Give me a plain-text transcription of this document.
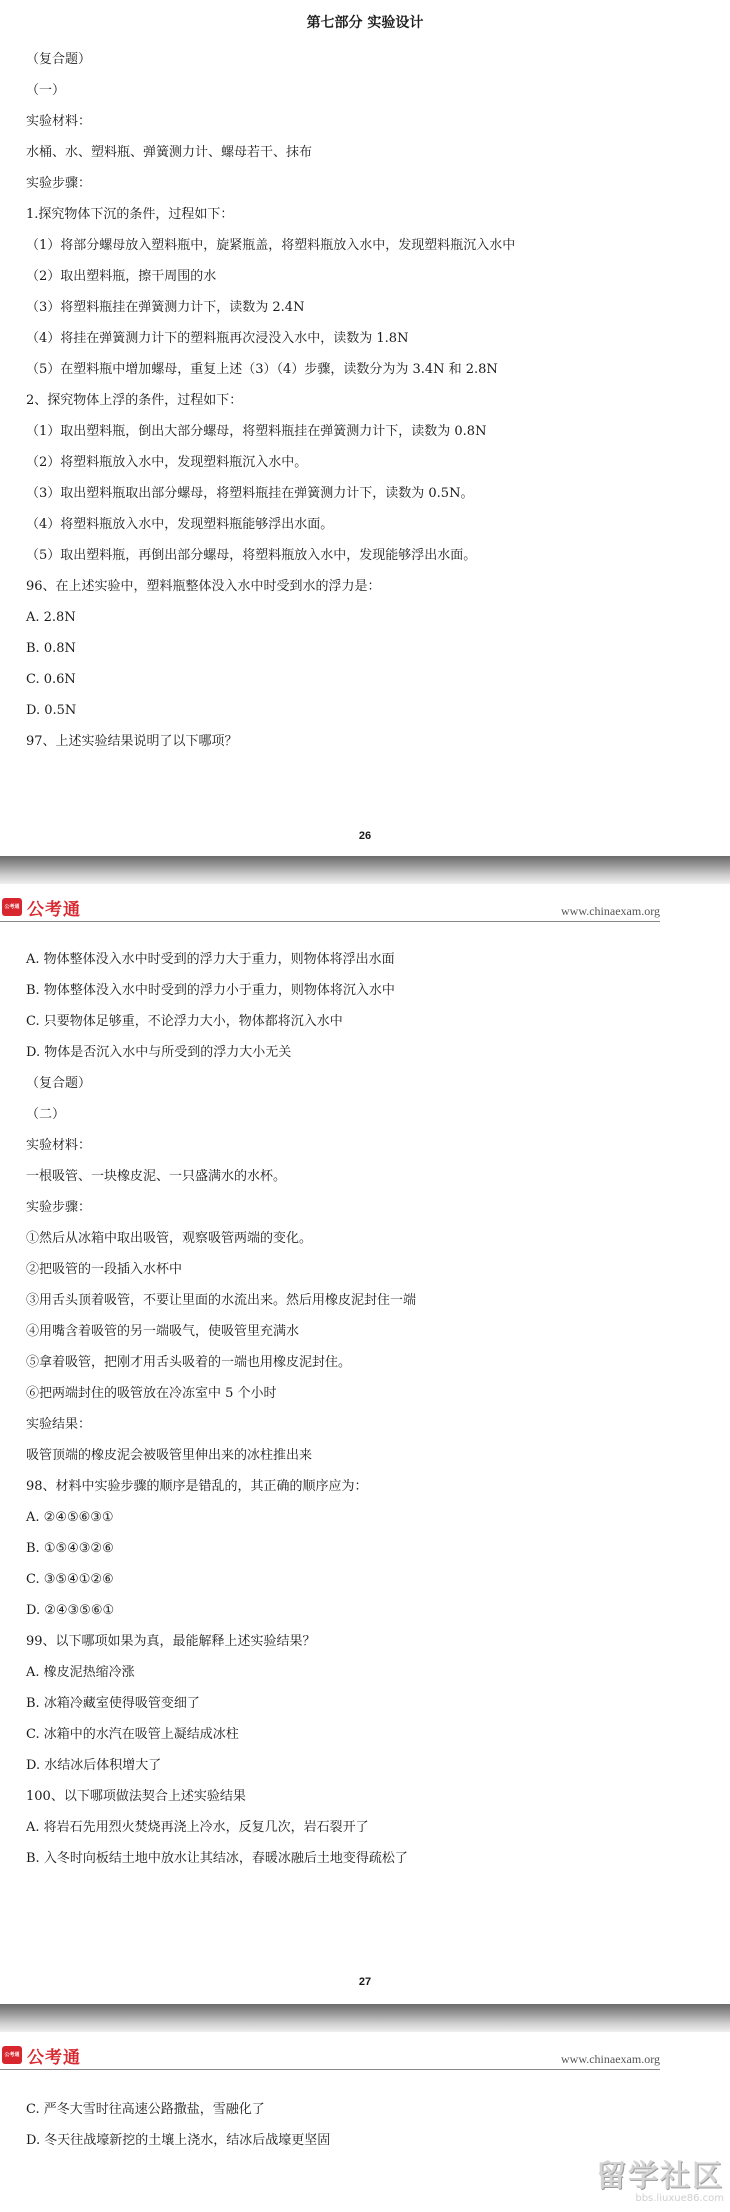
第七部分 实验设计
（复合题）
（一）
实验材料：
水桶、水、塑料瓶、弹簧测力计、螺母若干、抹布
实验步骤：
1.探究物体下沉的条件，过程如下：
（1）将部分螺母放入塑料瓶中，旋紧瓶盖，将塑料瓶放入水中，发现塑料瓶沉入水中
（2）取出塑料瓶，擦干周围的水
（3）将塑料瓶挂在弹簧测力计下，读数为 2.4N
（4）将挂在弹簧测力计下的塑料瓶再次浸没入水中，读数为 1.8N
（5）在塑料瓶中增加螺母，重复上述（3）（4）步骤，读数分为为 3.4N 和 2.8N
2、探究物体上浮的条件，过程如下：
（1）取出塑料瓶，倒出大部分螺母，将塑料瓶挂在弹簧测力计下，读数为 0.8N
（2）将塑料瓶放入水中，发现塑料瓶沉入水中。
（3）取出塑料瓶取出部分螺母，将塑料瓶挂在弹簧测力计下，读数为 0.5N。
（4）将塑料瓶放入水中，发现塑料瓶能够浮出水面。
（5）取出塑料瓶，再倒出部分螺母，将塑料瓶放入水中，发现能够浮出水面。
96、在上述实验中，塑料瓶整体没入水中时受到水的浮力是：
A. 2.8N
B. 0.8N
C. 0.6N
D. 0.5N
97、上述实验结果说明了以下哪项？
26
公考通 公考通	www.chinaexam.org
A. 物体整体没入水中时受到的浮力大于重力，则物体将浮出水面
B. 物体整体没入水中时受到的浮力小于重力，则物体将沉入水中
C. 只要物体足够重，不论浮力大小，物体都将沉入水中
D. 物体是否沉入水中与所受到的浮力大小无关
（复合题）
（二）
实验材料：
一根吸管、一块橡皮泥、一只盛满水的水杯。
实验步骤：
①然后从冰箱中取出吸管，观察吸管两端的变化。
②把吸管的一段插入水杯中
③用舌头顶着吸管，不要让里面的水流出来。然后用橡皮泥封住一端
④用嘴含着吸管的另一端吸气，使吸管里充满水
⑤拿着吸管，把刚才用舌头吸着的一端也用橡皮泥封住。
⑥把两端封住的吸管放在冷冻室中 5 个小时
实验结果：
吸管顶端的橡皮泥会被吸管里伸出来的冰柱推出来
98、材料中实验步骤的顺序是错乱的，其正确的顺序应为：
A. ②④⑤⑥③①
B. ①⑤④③②⑥
C. ③⑤④①②⑥
D. ②④③⑤⑥①
99、以下哪项如果为真，最能解释上述实验结果？
A. 橡皮泥热缩冷涨
B. 冰箱冷藏室使得吸管变细了
C. 冰箱中的水汽在吸管上凝结成冰柱
D. 水结冰后体积增大了
100、以下哪项做法契合上述实验结果
A. 将岩石先用烈火焚烧再浇上冷水，反复几次，岩石裂开了
B. 入冬时向板结土地中放水让其结冰，春暖冰融后土地变得疏松了
27
公考通 公考通	www.chinaexam.org
C. 严冬大雪时往高速公路撒盐，雪融化了
D. 冬天往战壕新挖的土壤上浇水，结冰后战壕更坚固
留学社区
bbs.liuxue86.com
